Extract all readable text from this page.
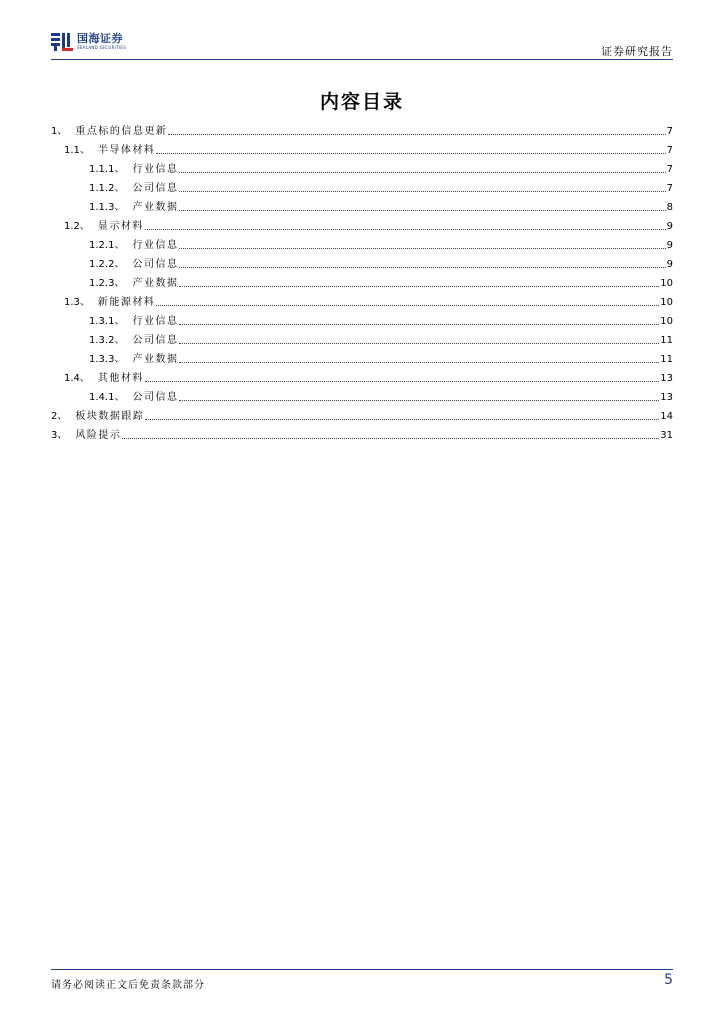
国海证券
SEALAND SECURITIES	证券研究报告
内容目录
1、 重点标的信息更新	7
1.1、 半导体材料	7
1.1.1、 行业信息	7
1.1.2、 公司信息	7
1.1.3、 产业数据	8
1.2、 显示材料	9
1.2.1、 行业信息	9
1.2.2、 公司信息	9
1.2.3、 产业数据	10
1.3、 新能源材料	10
1.3.1、 行业信息	10
1.3.2、 公司信息	11
1.3.3、 产业数据	11
1.4、 其他材料	13
1.4.1、 公司信息	13
2、 板块数据跟踪	14
3、 风险提示	31
请务必阅读正文后免责条款部分	5
